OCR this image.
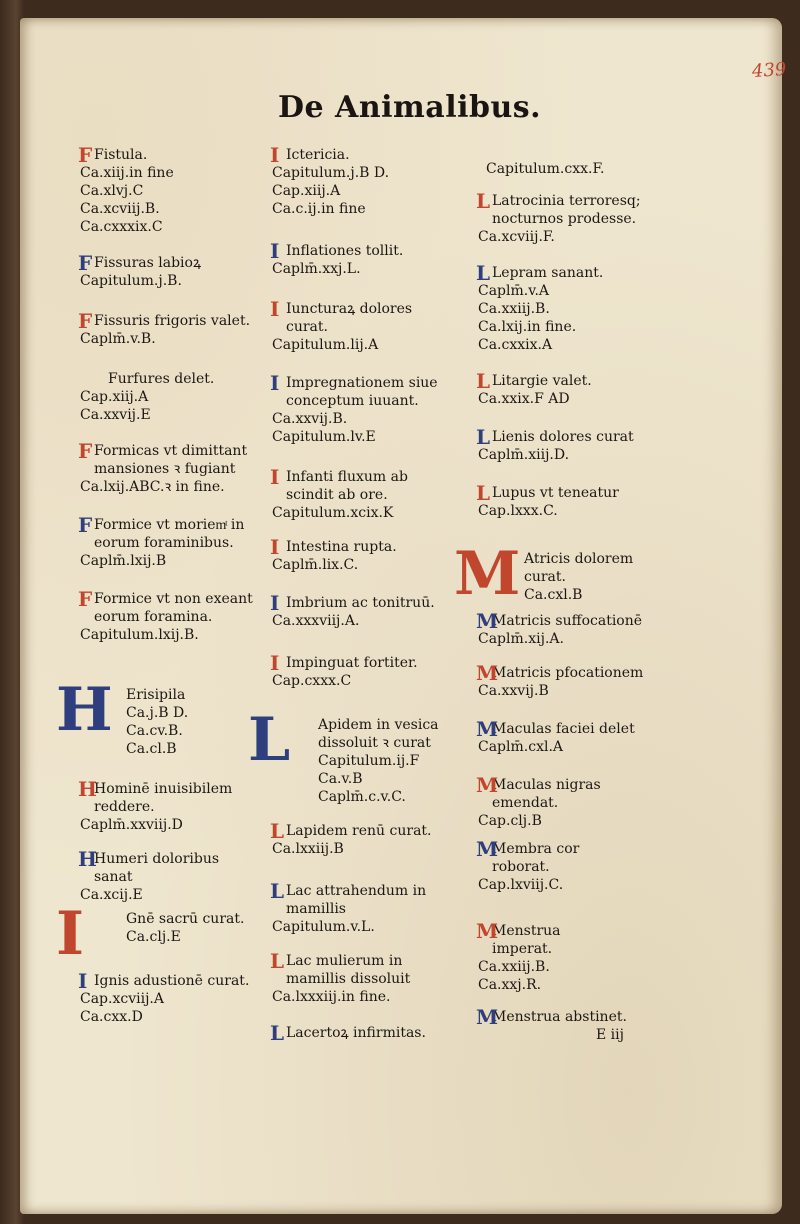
439
De Animalibus.
F Fistula.
Ca.xiij.in fine
Ca.xlvj.C
Ca.xcviij.B.
Ca.cxxxix.C
F Fissuras labioꝝ
Capitulum.j.B.
F Fissuris frigoris valet.
Caplm̄.v.B.
Furfures delet.
Cap.xiij.A
Ca.xxvij.E
F Formicas vt dimittant
mansiones ꝛ fugiant
Ca.lxij.ABC.ꝛ in fine.
F Formice vt moriemͭ in
eorum foraminibus.
Caplm̄.lxij.B
F Formice vt non exeant
eorum foramina.
Capitulum.lxij.B.
H Erisipila
Ca.j.B D.
Ca.cv.B.
Ca.cl.B
H
Hominē inuisibilem
reddere.
Caplm̄.xxviij.D
H
Humeri doloribus
sanat
Ca.xcij.E
I	Gnē sacrū curat.
Ca.clj.E
I Ignis adustionē curat.
Cap.xcviij.A
Ca.cxx.D
I Ictericia.
Capitulum.j.B D.
Cap.xiij.A
Ca.c.ij.in fine
I Inflationes tollit.
Caplm̄.xxj.L.
I Iuncturaꝝ dolores
curat.
Capitulum.lij.A
I Impregnationem siue
conceptum iuuant.
Ca.xxvij.B.
Capitulum.lv.E
I Infanti fluxum ab
scindit ab ore.
Capitulum.xcix.K
I Intestina rupta.
Caplm̄.lix.C.
I Imbrium ac tonitruū.
Ca.xxxviij.A.
I Impinguat fortiter.
Cap.cxxx.C
L Apidem in vesica
dissoluit ꝛ curat
Capitulum.ij.F
Ca.v.B
Caplm̄.c.v.C.
L Lapidem renū curat.
Ca.lxxiij.B
L Lac attrahendum in
mamillis
Capitulum.v.L.
L Lac mulierum in
mamillis dissoluit
Ca.lxxxiij.in fine.
L Lacertoꝝ infirmitas.
Capitulum.cxx.F.
L Latrocinia terroresq;
nocturnos prodesse.
Ca.xcviij.F.
L Lepram sanant.
Caplm̄.v.A
Ca.xxiij.B.
Ca.lxij.in fine.
Ca.cxxix.A
L Litargie valet.
Ca.xxix.F AD
L Lienis dolores curat
Caplm̄.xiij.D.
L Lupus vt teneatur
Cap.lxxx.C.
M Atricis dolorem
curat.
Ca.cxl.B
M
Matricis suffocationē
Caplm̄.xij.A.
M
Matricis pfocationem
Ca.xxvij.B
M
Maculas faciei delet
Caplm̄.cxl.A
M
Maculas nigras
emendat.
Cap.clj.B
M
Membra cor
roborat.
Cap.lxviij.C.
M
Menstrua
imperat.
Ca.xxiij.B.
Ca.xxj.R.
M
Menstrua abstinet.
E iij
